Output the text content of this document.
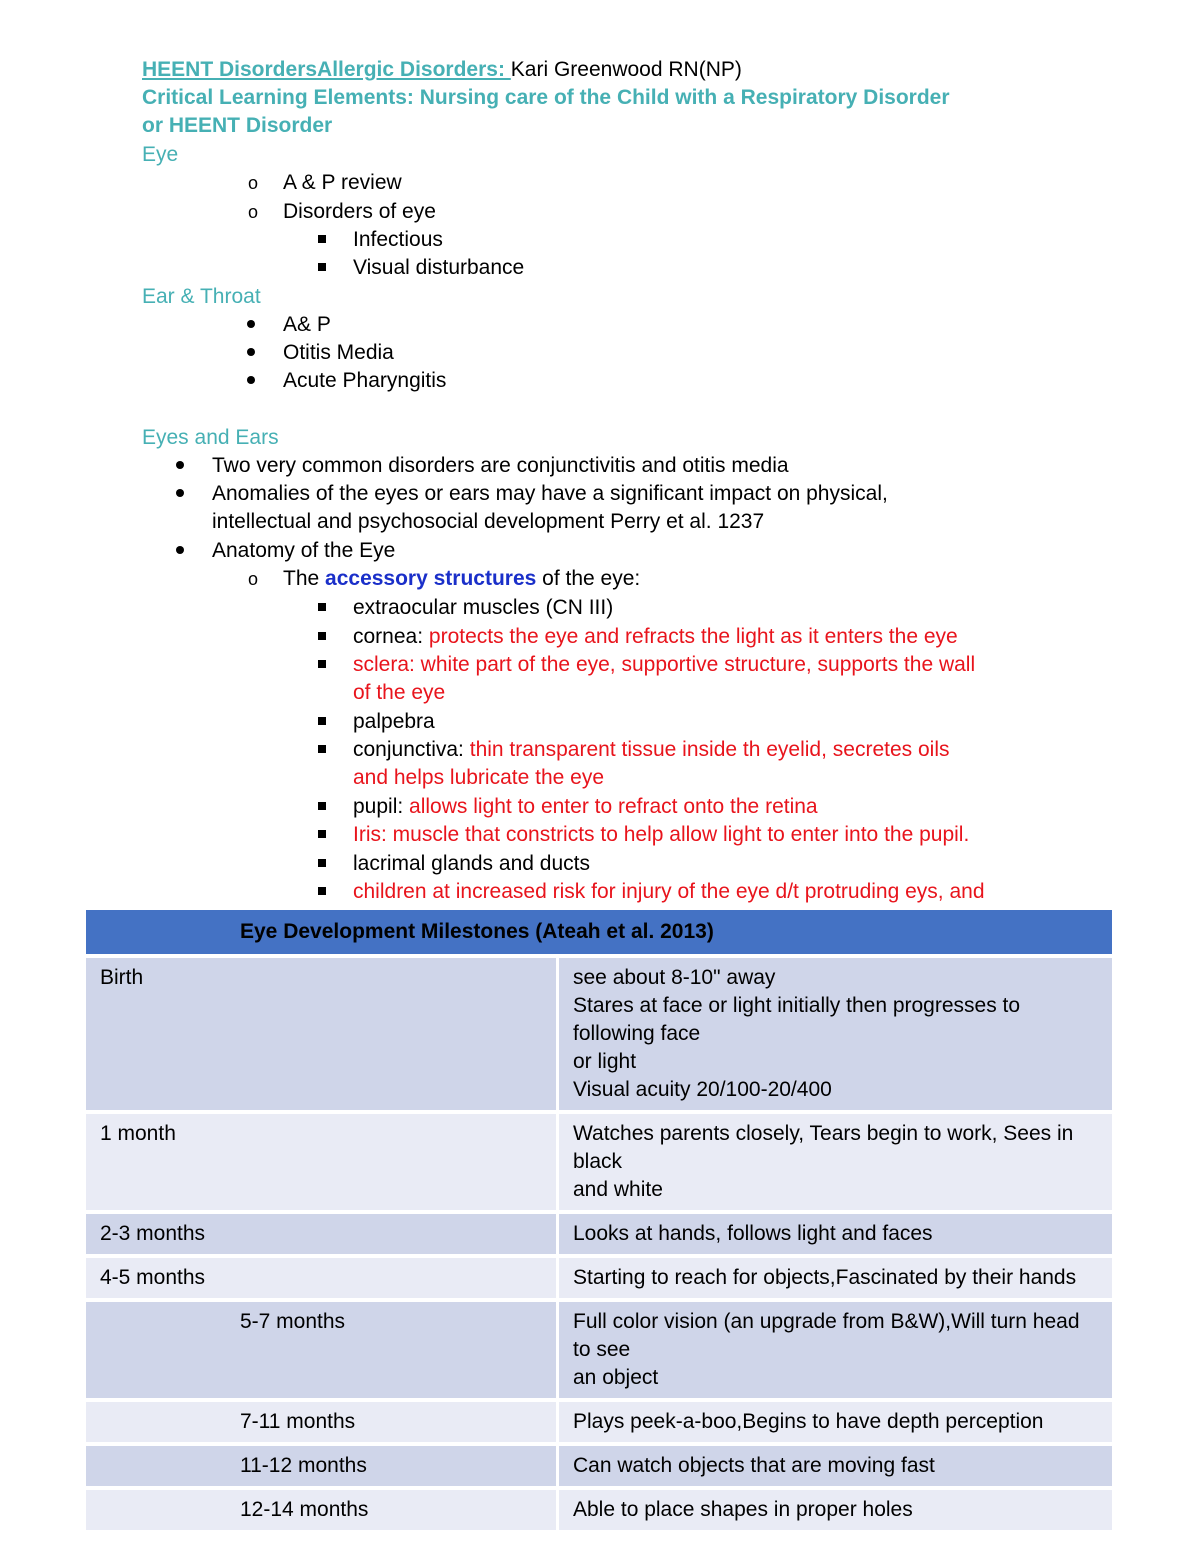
HEENT DisordersAllergic Disorders: Kari Greenwood RN(NP)
Critical Learning Elements: Nursing care of the Child with a Respiratory Disorder
or HEENT Disorder
Eye
o A & P review
o Disorders of eye
Infectious
Visual disturbance
Ear & Throat
A& P
Otitis Media
Acute Pharyngitis
Eyes and Ears
Two very common disorders are conjunctivitis and otitis media
Anomalies of the eyes or ears may have a significant impact on physical,
intellectual and psychosocial development Perry et al. 1237
Anatomy of the Eye
o The accessory structures of the eye:
extraocular muscles (CN III)
cornea: protects the eye and refracts the light as it enters the eye
sclera: white part of the eye, supportive structure, supports the wall
of the eye
palpebra
conjunctiva: thin transparent tissue inside th eyelid, secretes oils
and helps lubricate the eye
pupil: allows light to enter to refract onto the retina
Iris: muscle that constricts to help allow light to enter into the pupil.
lacrimal glands and ducts
children at increased risk for injury of the eye d/t protruding eys, and
Eye Development Milestones (Ateah et al. 2013)	
Birth	see about 8-10" away
Stares at face or light initially then progresses to following face
or light
Visual acuity 20/100-20/400

1 month	Watches parents closely, Tears begin to work, Sees in black
and white

2-3 months	Looks at hands, follows light and faces

4-5 months	Starting to reach for objects,Fascinated by their hands

5-7 months	Full color vision (an upgrade from B&W),Will turn head to see
an object

7-11 months	Plays peek-a-boo,Begins to have depth perception

11-12 months	Can watch objects that are moving fast

12-14 months	Able to place shapes in proper holes
